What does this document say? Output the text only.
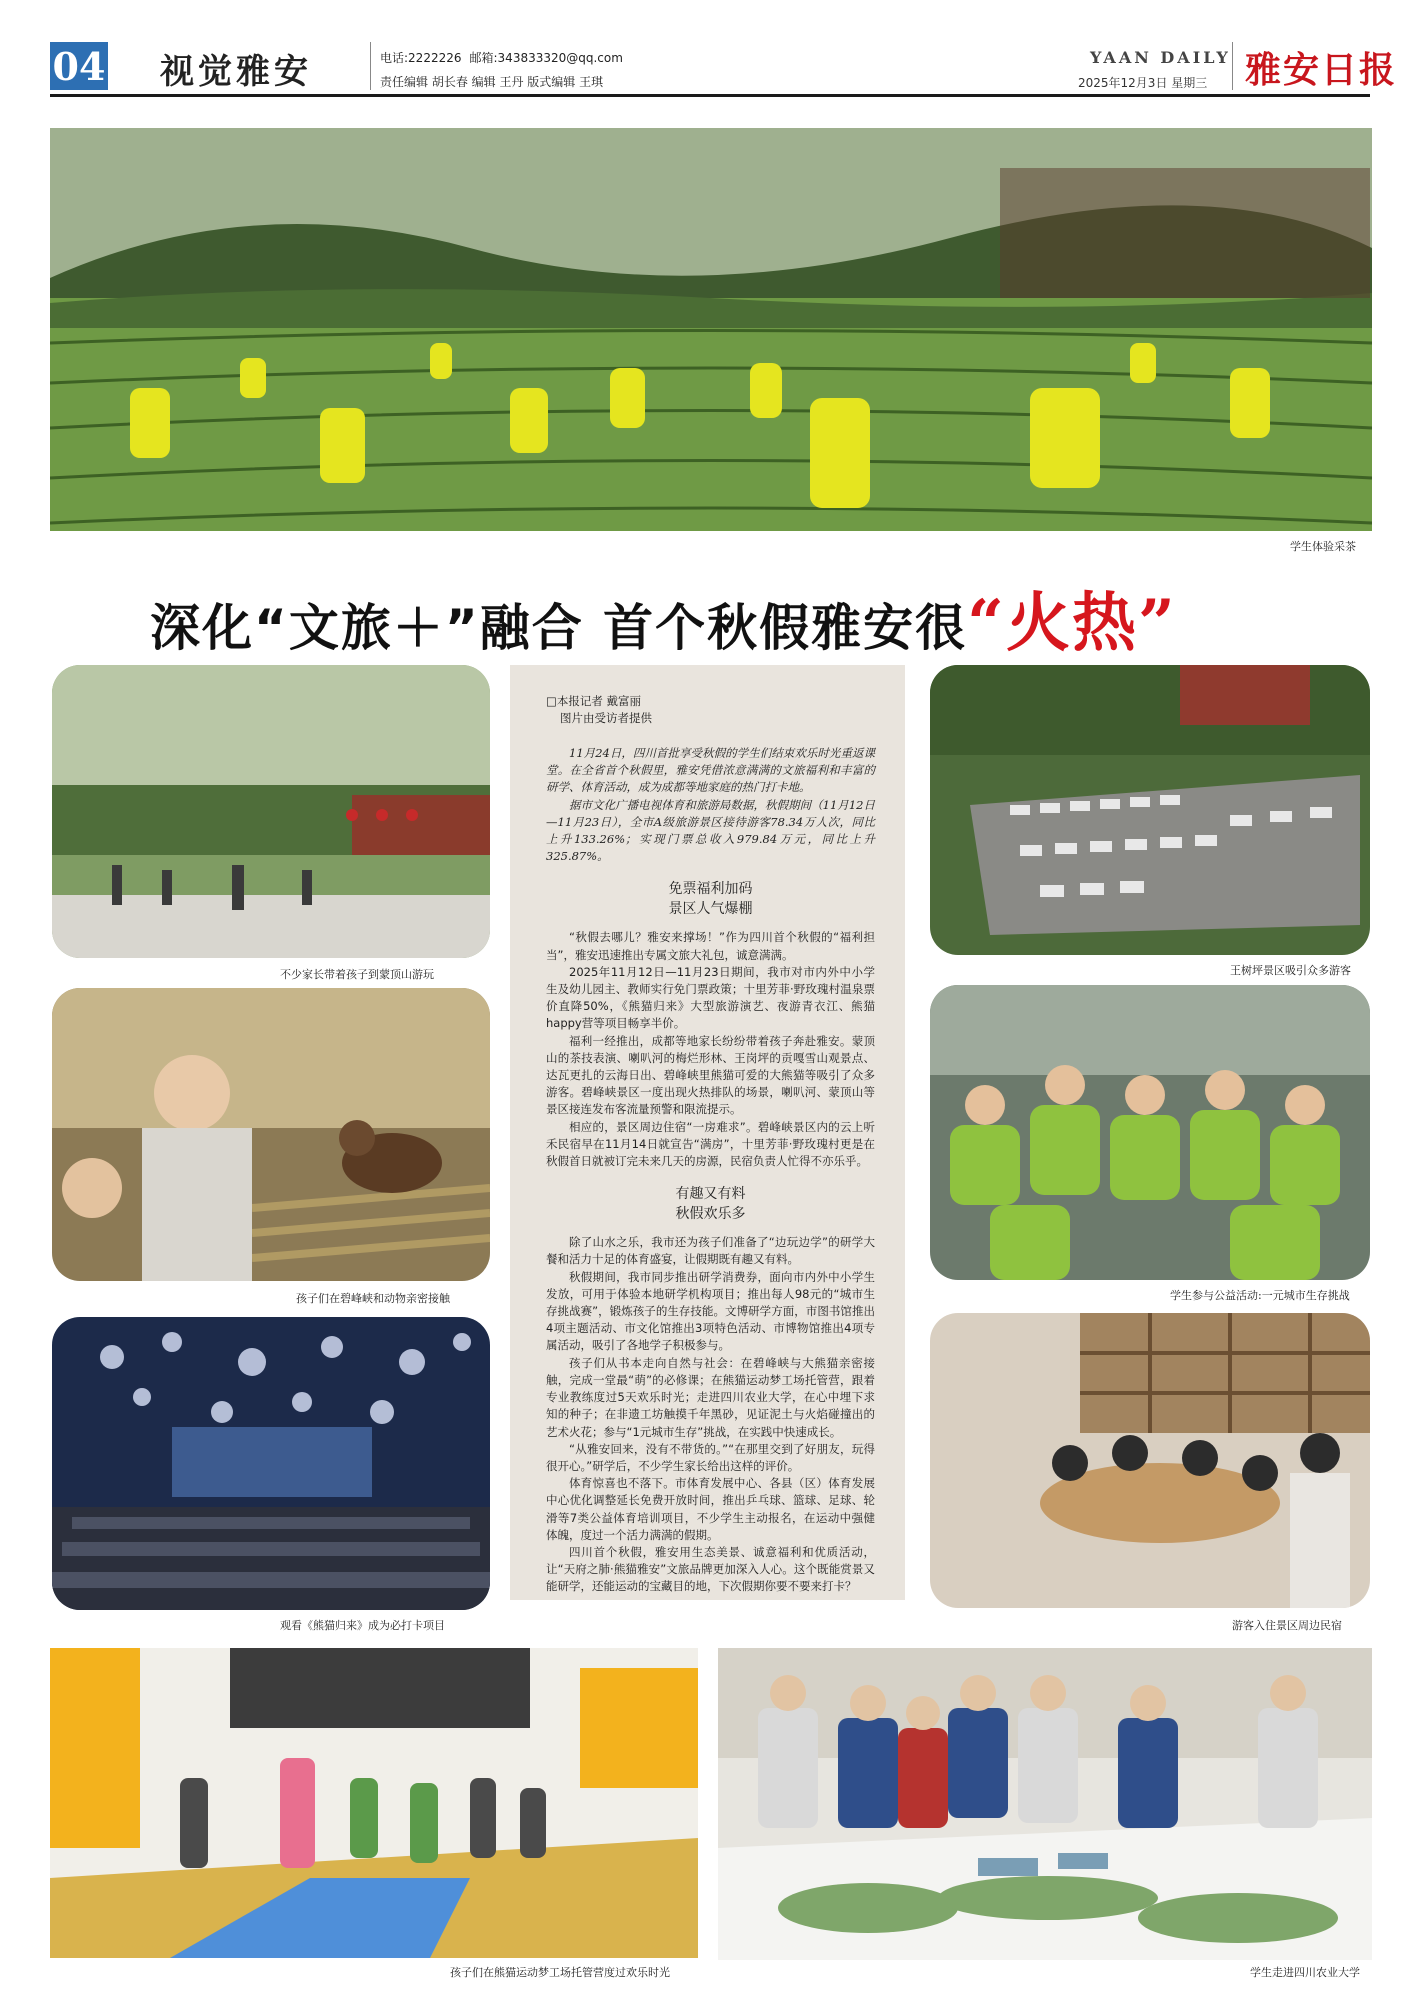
04 视觉雅安	电话:2222226 邮箱:343833320@qq.com
责任编辑 胡长春 编辑 王丹 版式编辑 王琪
YAAN DAILY
2025年12月3日 星期三 雅安日报
学生体验采茶
深化“文旅＋”融合 首个秋假雅安很“火热”
不少家长带着孩子到蒙顶山游玩
孩子们在碧峰峡和动物亲密接触
观看《熊猫归来》成为必打卡项目
□本报记者 戴富丽
图片由受访者提供

11月24日，四川首批享受秋假的学生们结束欢乐时光重返课堂。在全省首个秋假里，雅安凭借浓意满满的文旅福利和丰富的研学、体育活动，成为成都等地家庭的热门打卡地。

据市文化广播电视体育和旅游局数据，秋假期间（11月12日—11月23日），全市A级旅游景区接待游客78.34万人次，同比上升133.26%；实现门票总收入979.84万元，同比上升325.87%。

免票福利加码
景区人气爆棚

“秋假去哪儿？雅安来撑场！”作为四川首个秋假的“福利担当”，雅安迅速推出专属文旅大礼包，诚意满满。

2025年11月12日—11月23日期间，我市对市内外中小学生及幼儿园主、教师实行免门票政策；十里芳菲·野玫瑰村温泉票价直降50%，《熊猫归来》大型旅游演艺、夜游青衣江、熊猫happy营等项目畅享半价。

福利一经推出，成都等地家长纷纷带着孩子奔赴雅安。蒙顶山的茶技表演、喇叭河的梅烂形林、王岗坪的贡嘎雪山观景点、达瓦更扎的云海日出、碧峰峡里熊猫可爱的大熊猫等吸引了众多游客。碧峰峡景区一度出现火热排队的场景，喇叭河、蒙顶山等景区接连发布客流量预警和限流提示。

相应的，景区周边住宿“一房难求”。碧峰峡景区内的云上听禾民宿早在11月14日就宣告“满房”，十里芳菲·野玫瑰村更是在秋假首日就被订完未来几天的房源，民宿负责人忙得不亦乐乎。

有趣又有料
秋假欢乐多

除了山水之乐，我市还为孩子们准备了“边玩边学”的研学大餐和活力十足的体育盛宴，让假期既有趣又有料。

秋假期间，我市同步推出研学消费券，面向市内外中小学生发放，可用于体验本地研学机构项目；推出每人98元的“城市生存挑战赛”，锻炼孩子的生存技能。文博研学方面，市图书馆推出4项主题活动、市文化馆推出3项特色活动、市博物馆推出4项专属活动，吸引了各地学子积极参与。

孩子们从书本走向自然与社会：在碧峰峡与大熊猫亲密接触，完成一堂最“萌”的必修课；在熊猫运动梦工场托管营，跟着专业教练度过5天欢乐时光；走进四川农业大学，在心中埋下求知的种子；在非遗工坊触摸千年黑砂，见证泥土与火焰碰撞出的艺术火花；参与“1元城市生存”挑战，在实践中快速成长。

“从雅安回来，没有不带货的。”“在那里交到了好朋友，玩得很开心。”研学后，不少学生家长给出这样的评价。

体育惊喜也不落下。市体育发展中心、各县（区）体育发展中心优化调整延长免费开放时间，推出乒乓球、篮球、足球、轮滑等7类公益体育培训项目，不少学生主动报名，在运动中强健体魄，度过一个活力满满的假期。

四川首个秋假，雅安用生态美景、诚意福利和优质活动，让“天府之肺·熊猫雅安”文旅品牌更加深入人心。这个既能赏景又能研学，还能运动的宝藏目的地，下次假期你要不要来打卡？

王树坪景区吸引众多游客
学生参与公益活动:一元城市生存挑战
游客入住景区周边民宿
孩子们在熊猫运动梦工场托管营度过欢乐时光	学生走进四川农业大学
